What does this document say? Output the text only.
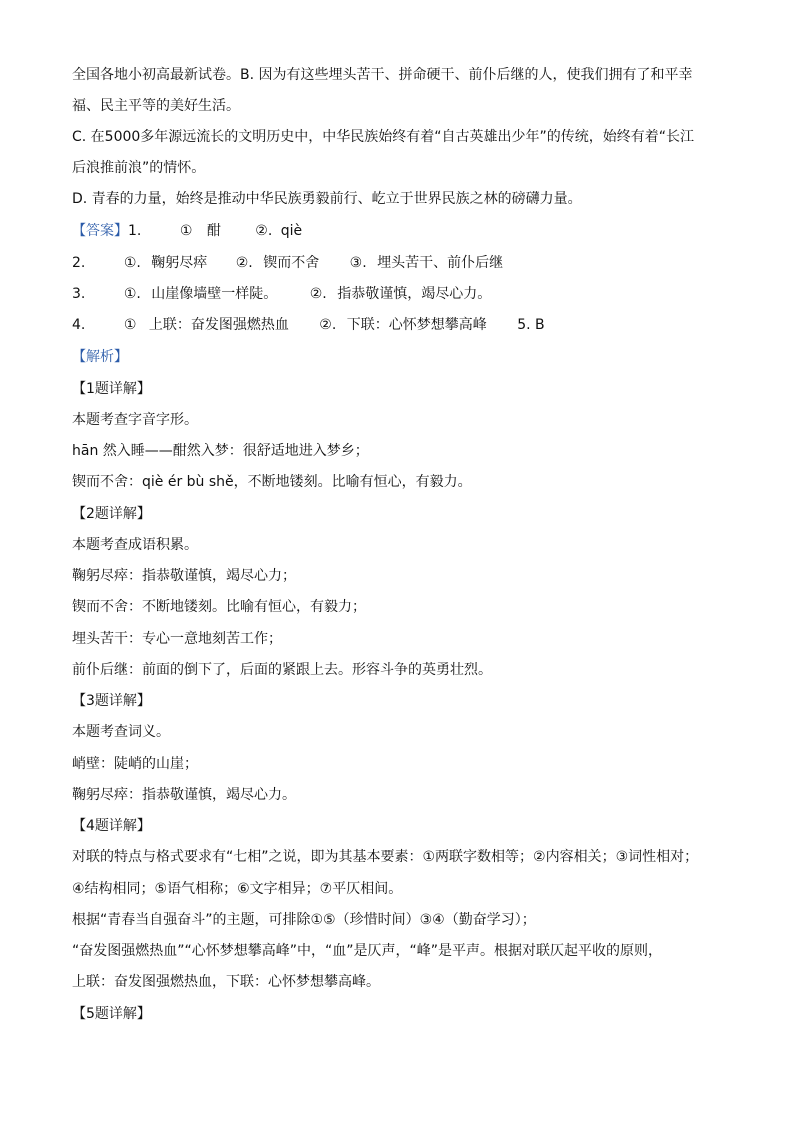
全国各地小初高最新试卷。B. 因为有这些埋头苦干、拼命硬干、前仆后继的人，使我们拥有了和平幸
福、民主平等的美好生活。
C. 在5000多年源远流长的文明历史中，中华民族始终有着“自古英雄出少年”的传统，始终有着“长江
后浪推前浪”的情怀。
D. 青春的力量，始终是推动中华民族勇毅前行、屹立于世界民族之林的磅礴力量。
【答案】1.	① 酣 ②. qiè
2.	①. 鞠躬尽瘁 ②. 锲而不舍 ③. 埋头苦干、前仆后继
3.	①. 山崖像墙壁一样陡。 ②. 指恭敬谨慎，竭尽心力。
4.	① 上联：奋发图强燃热血 ②. 下联：心怀梦想攀高峰 5. B
【解析】
【1题详解】
本题考查字音字形。
hān 然入睡——酣然入梦：很舒适地进入梦乡；
锲而不舍：qiè ér bù shě，不断地镂刻。比喻有恒心，有毅力。
【2题详解】
本题考查成语积累。
鞠躬尽瘁：指恭敬谨慎，竭尽心力；
锲而不舍：不断地镂刻。比喻有恒心，有毅力；
埋头苦干：专心一意地刻苦工作；
前仆后继：前面的倒下了，后面的紧跟上去。形容斗争的英勇壮烈。
【3题详解】
本题考查词义。
峭壁：陡峭的山崖；
鞠躬尽瘁：指恭敬谨慎，竭尽心力。
【4题详解】
对联的特点与格式要求有“七相”之说，即为其基本要素：①两联字数相等；②内容相关；③词性相对；
④结构相同；⑤语气相称；⑥文字相异；⑦平仄相间。
根据“青春当自强奋斗”的主题，可排除①⑤（珍惜时间）③④（勤奋学习）；
“奋发图强燃热血”“心怀梦想攀高峰”中，“血”是仄声，“峰”是平声。根据对联仄起平收的原则，
上联：奋发图强燃热血，下联：心怀梦想攀高峰。
【5题详解】
